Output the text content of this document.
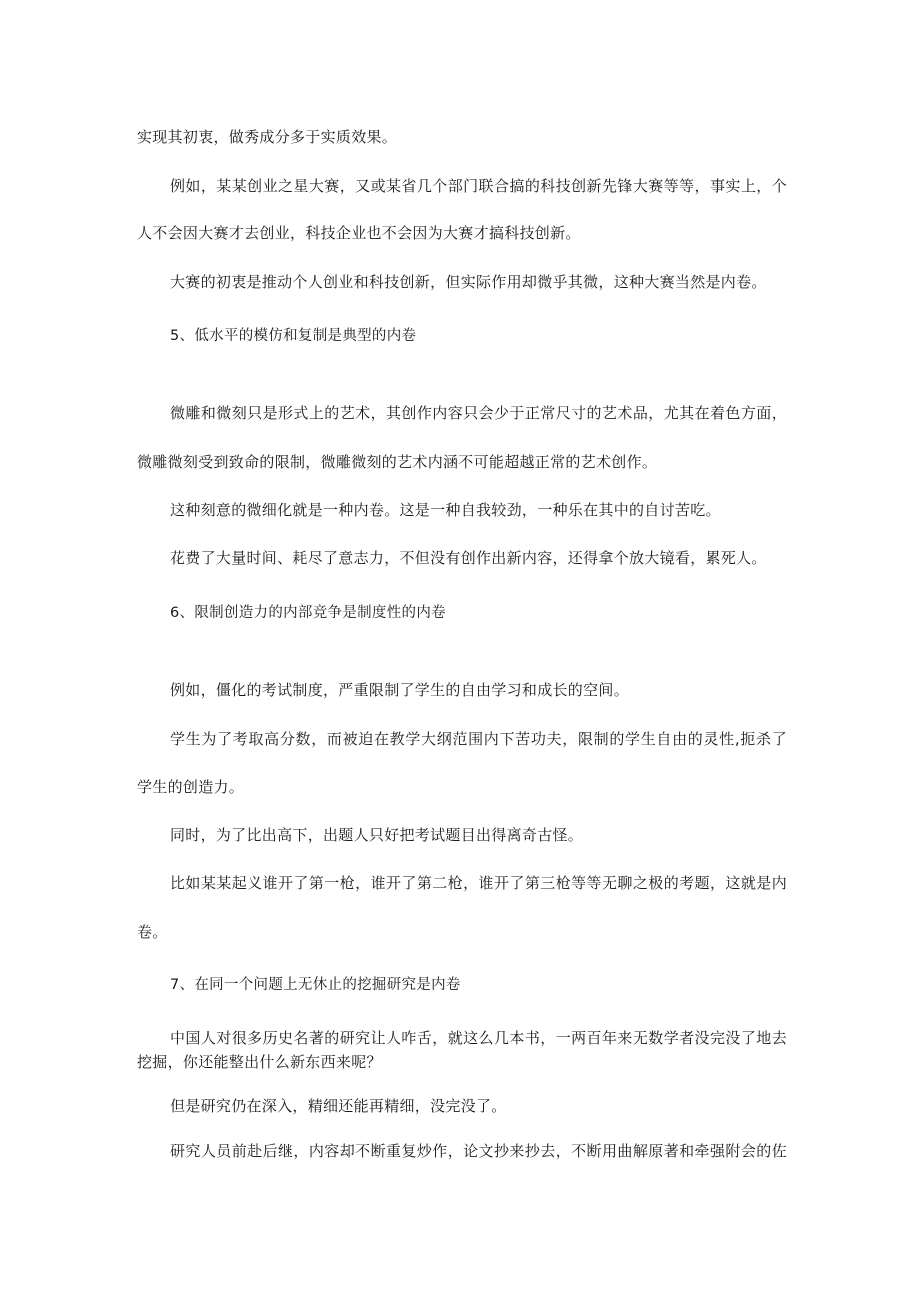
实现其初衷，做秀成分多于实质效果。
例如，某某创业之星大赛，又或某省几个部门联合搞的科技创新先锋大赛等等，事实上，个
人不会因大赛才去创业，科技企业也不会因为大赛才搞科技创新。
大赛的初衷是推动个人创业和科技创新，但实际作用却微乎其微，这种大赛当然是内卷。
5、低水平的模仿和复制是典型的内卷
微雕和微刻只是形式上的艺术，其创作内容只会少于正常尺寸的艺术品，尤其在着色方面，
微雕微刻受到致命的限制，微雕微刻的艺术内涵不可能超越正常的艺术创作。
这种刻意的微细化就是一种内卷。这是一种自我较劲，一种乐在其中的自讨苦吃。
花费了大量时间、耗尽了意志力，不但没有创作出新内容，还得拿个放大镜看，累死人。
6、限制创造力的内部竞争是制度性的内卷
例如，僵化的考试制度，严重限制了学生的自由学习和成长的空间。
学生为了考取高分数，而被迫在教学大纲范围内下苦功夫，限制的学生自由的灵性,扼杀了
学生的创造力。
同时，为了比出高下，出题人只好把考试题目出得离奇古怪。
比如某某起义谁开了第一枪，谁开了第二枪，谁开了第三枪等等无聊之极的考题，这就是内
卷。
7、在同一个问题上无休止的挖掘研究是内卷
中国人对很多历史名著的研究让人咋舌，就这么几本书，一两百年来无数学者没完没了地去
挖掘，你还能整出什么新东西来呢？
但是研究仍在深入，精细还能再精细，没完没了。
研究人员前赴后继，内容却不断重复炒作，论文抄来抄去，不断用曲解原著和牵强附会的佐
